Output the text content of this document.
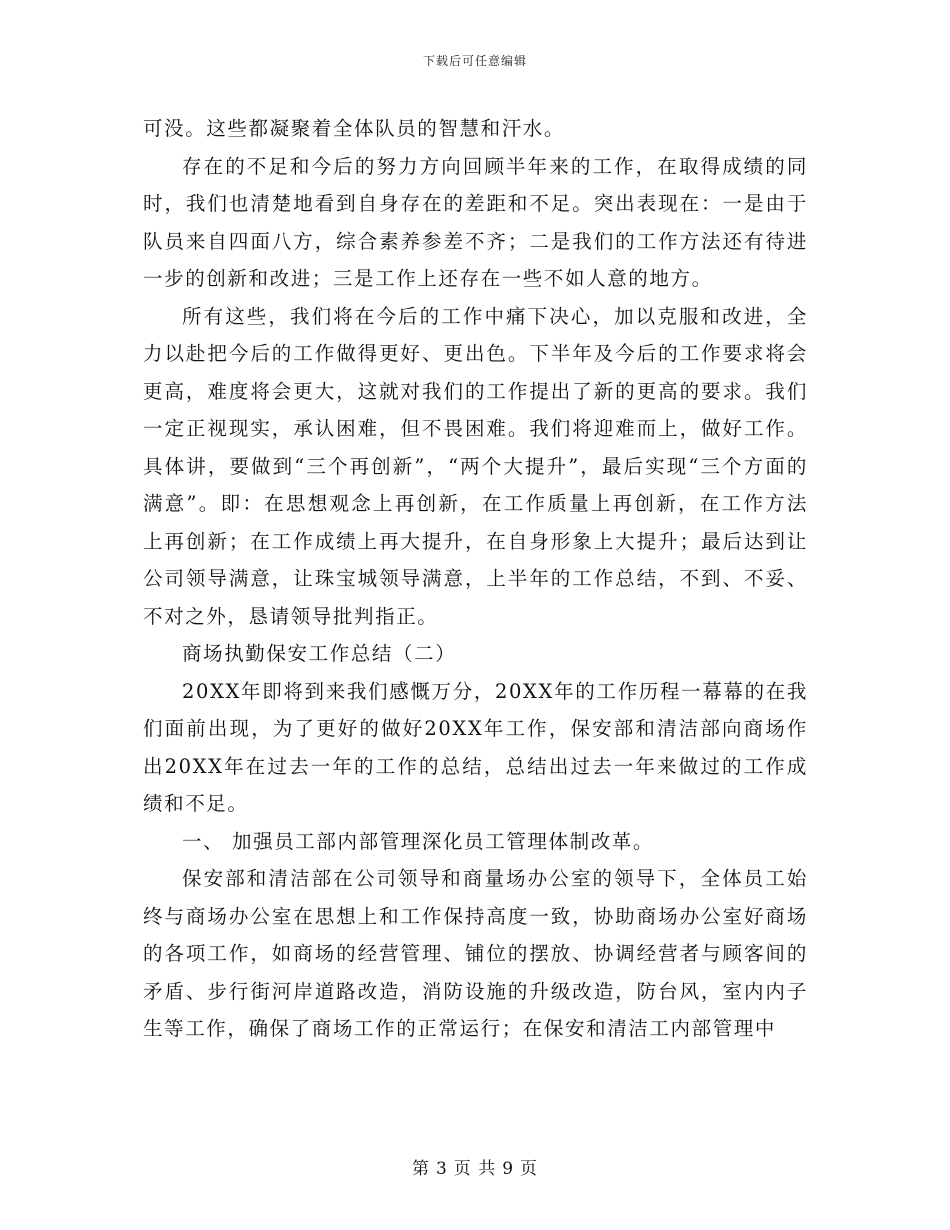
下载后可任意编辑

可没。这些都凝聚着全体队员的智慧和汗水。

存在的不足和今后的努力方向回顾半年来的工作，在取得成绩的同时，我们也清楚地看到自身存在的差距和不足。突出表现在：一是由于队员来自四面八方，综合素养参差不齐；二是我们的工作方法还有待进一步的创新和改进；三是工作上还存在一些不如人意的地方。

所有这些，我们将在今后的工作中痛下决心，加以克服和改进，全力以赴把今后的工作做得更好、更出色。下半年及今后的工作要求将会更高，难度将会更大，这就对我们的工作提出了新的更高的要求。我们一定正视现实，承认困难，但不畏困难。我们将迎难而上，做好工作。具体讲，要做到“三个再创新”，“两个大提升”，最后实现“三个方面的满意”。即：在思想观念上再创新，在工作质量上再创新，在工作方法上再创新；在工作成绩上再大提升，在自身形象上大提升；最后达到让公司领导满意，让珠宝城领导满意，上半年的工作总结，不到、不妥、不对之外，恳请领导批判指正。

商场执勤保安工作总结（二）

20XX年即将到来我们感慨万分，20XX年的工作历程一幕幕的在我们面前出现，为了更好的做好20XX年工作，保安部和清洁部向商场作出20XX年在过去一年的工作的总结，总结出过去一年来做过的工作成绩和不足。

一、 加强员工部内部管理深化员工管理体制改革。

保安部和清洁部在公司领导和商量场办公室的领导下，全体员工始终与商场办公室在思想上和工作保持高度一致，协助商场办公室好商场的各项工作，如商场的经营管理、铺位的摆放、协调经营者与顾客间的矛盾、步行街河岸道路改造，消防设施的升级改造，防台风，室内内子生等工作，确保了商场工作的正常运行；在保安和清洁工内部管理中

第 3 页 共 9 页
